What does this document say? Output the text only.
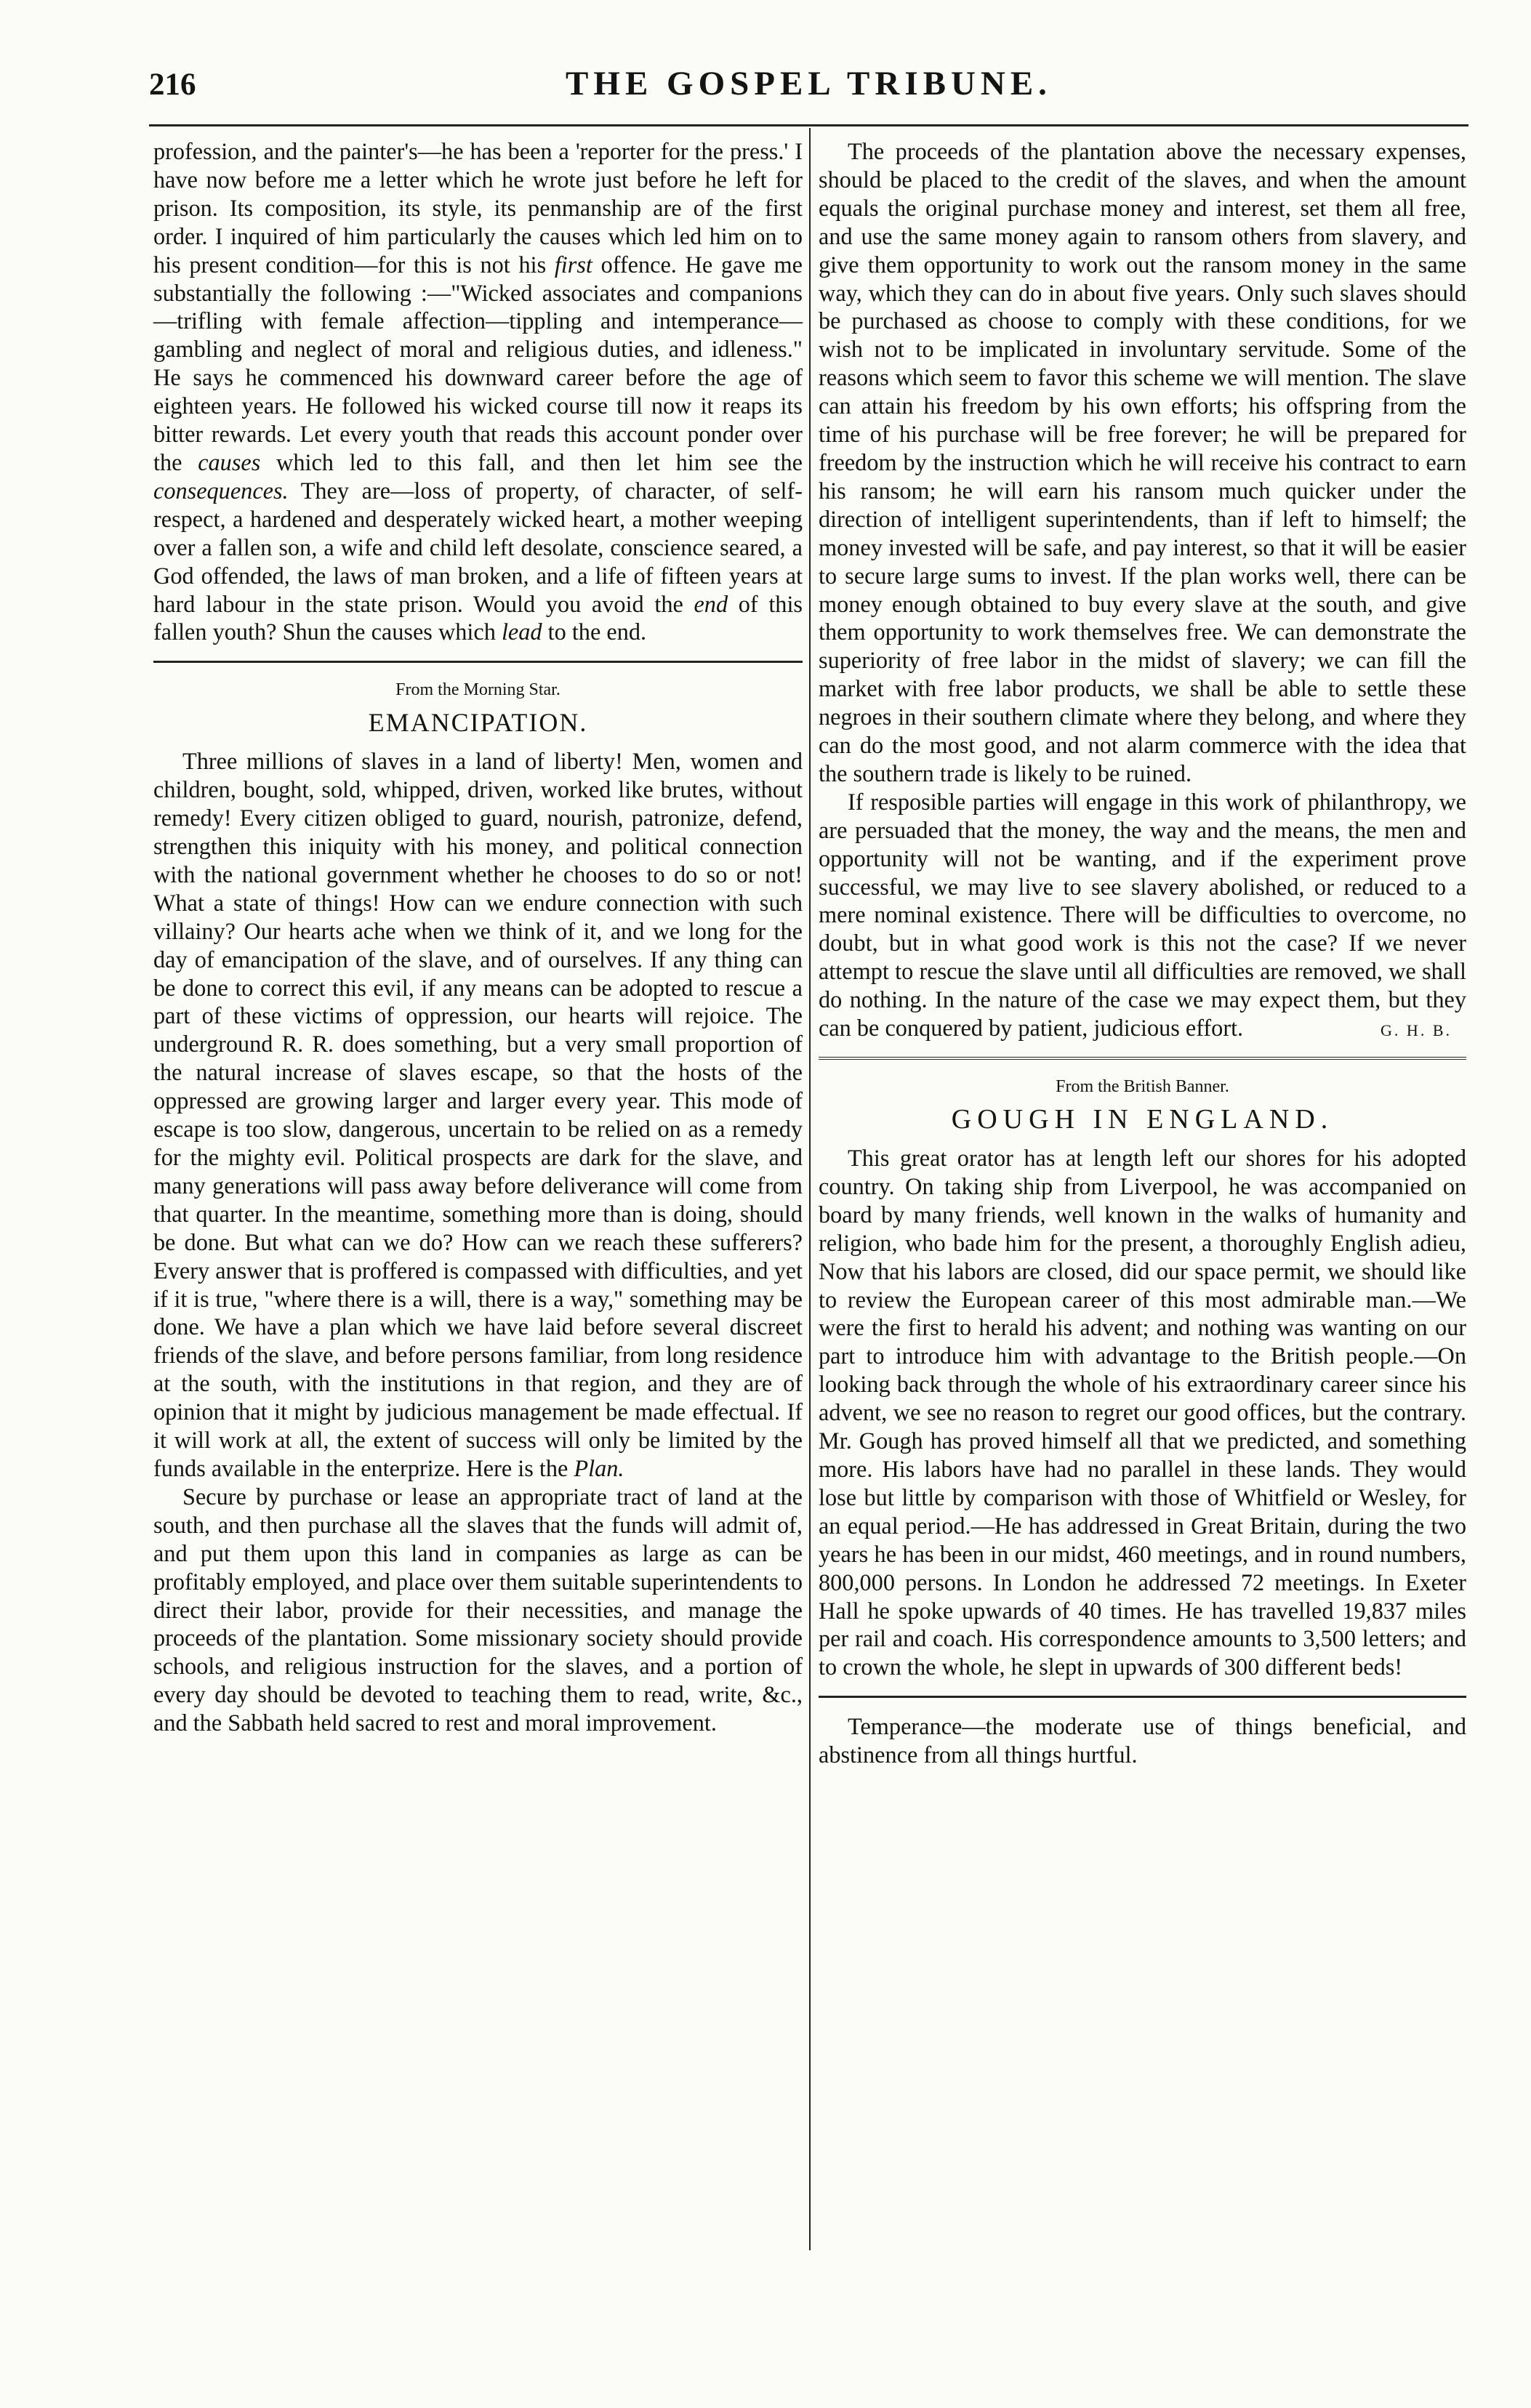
216	THE GOSPEL TRIBUNE.

profession, and the painter's—he has been a 'reporter for the press.' I have now before me a letter which he wrote just before he left for prison. Its composition, its style, its penmanship are of the first order. I inquired of him particularly the causes which led him on to his present condition—for this is not his first offence. He gave me substantially the following :—"Wicked associates and companions—trifling with female affection—tippling and intemperance—gambling and neglect of moral and religious duties, and idleness." He says he commenced his downward career before the age of eighteen years. He followed his wicked course till now it reaps its bitter rewards. Let every youth that reads this account ponder over the causes which led to this fall, and then let him see the consequences. They are—loss of property, of character, of self-respect, a hardened and desperately wicked heart, a mother weeping over a fallen son, a wife and child left desolate, conscience seared, a God offended, the laws of man broken, and a life of fifteen years at hard labour in the state prison. Would you avoid the end of this fallen youth? Shun the causes which lead to the end.

From the Morning Star.
EMANCIPATION.

Three millions of slaves in a land of liberty! Men, women and children, bought, sold, whipped, driven, worked like brutes, without remedy! Every citizen obliged to guard, nourish, patronize, defend, strengthen this iniquity with his money, and political connection with the national government whether he chooses to do so or not! What a state of things! How can we endure connection with such villainy? Our hearts ache when we think of it, and we long for the day of emancipation of the slave, and of ourselves. If any thing can be done to correct this evil, if any means can be adopted to rescue a part of these victims of oppression, our hearts will rejoice. The underground R. R. does something, but a very small proportion of the natural increase of slaves escape, so that the hosts of the oppressed are growing larger and larger every year. This mode of escape is too slow, dangerous, uncertain to be relied on as a remedy for the mighty evil. Political prospects are dark for the slave, and many generations will pass away before deliverance will come from that quarter. In the meantime, something more than is doing, should be done. But what can we do? How can we reach these sufferers? Every answer that is proffered is compassed with difficulties, and yet if it is true, "where there is a will, there is a way," something may be done. We have a plan which we have laid before several discreet friends of the slave, and before persons familiar, from long residence at the south, with the institutions in that region, and they are of opinion that it might by judicious management be made effectual. If it will work at all, the extent of success will only be limited by the funds available in the enterprize. Here is the Plan.

Secure by purchase or lease an appropriate tract of land at the south, and then purchase all the slaves that the funds will admit of, and put them upon this land in companies as large as can be profitably employed, and place over them suitable superintendents to direct their labor, provide for their necessities, and manage the proceeds of the plantation. Some missionary society should provide schools, and religious instruction for the slaves, and a portion of every day should be devoted to teaching them to read, write, &c., and the Sabbath held sacred to rest and moral improvement.

The proceeds of the plantation above the necessary expenses, should be placed to the credit of the slaves, and when the amount equals the original purchase money and interest, set them all free, and use the same money again to ransom others from slavery, and give them opportunity to work out the ransom money in the same way, which they can do in about five years. Only such slaves should be purchased as choose to comply with these conditions, for we wish not to be implicated in involuntary servitude. Some of the reasons which seem to favor this scheme we will mention. The slave can attain his freedom by his own efforts; his offspring from the time of his purchase will be free forever; he will be prepared for freedom by the instruction which he will receive his contract to earn his ransom; he will earn his ransom much quicker under the direction of intelligent superintendents, than if left to himself; the money invested will be safe, and pay interest, so that it will be easier to secure large sums to invest. If the plan works well, there can be money enough obtained to buy every slave at the south, and give them opportunity to work themselves free. We can demonstrate the superiority of free labor in the midst of slavery; we can fill the market with free labor products, we shall be able to settle these negroes in their southern climate where they belong, and where they can do the most good, and not alarm commerce with the idea that the southern trade is likely to be ruined.

If resposible parties will engage in this work of philanthropy, we are persuaded that the money, the way and the means, the men and opportunity will not be wanting, and if the experiment prove successful, we may live to see slavery abolished, or reduced to a mere nominal existence. There will be difficulties to overcome, no doubt, but in what good work is this not the case? If we never attempt to rescue the slave until all difficulties are removed, we shall do nothing. In the nature of the case we may expect them, but they can be conquered by patient, judicious effort.	G. H. B.

From the British Banner.
GOUGH IN ENGLAND.

This great orator has at length left our shores for his adopted country. On taking ship from Liverpool, he was accompanied on board by many friends, well known in the walks of humanity and religion, who bade him for the present, a thoroughly English adieu, Now that his labors are closed, did our space permit, we should like to review the European career of this most admirable man.—We were the first to herald his advent; and nothing was wanting on our part to introduce him with advantage to the British people.—On looking back through the whole of his extraordinary career since his advent, we see no reason to regret our good offices, but the contrary. Mr. Gough has proved himself all that we predicted, and something more. His labors have had no parallel in these lands. They would lose but little by comparison with those of Whitfield or Wesley, for an equal period.—He has addressed in Great Britain, during the two years he has been in our midst, 460 meetings, and in round numbers, 800,000 persons. In London he addressed 72 meetings. In Exeter Hall he spoke upwards of 40 times. He has travelled 19,837 miles per rail and coach. His correspondence amounts to 3,500 letters; and to crown the whole, he slept in upwards of 300 different beds!

Temperance—the moderate use of things beneficial, and abstinence from all things hurtful.
